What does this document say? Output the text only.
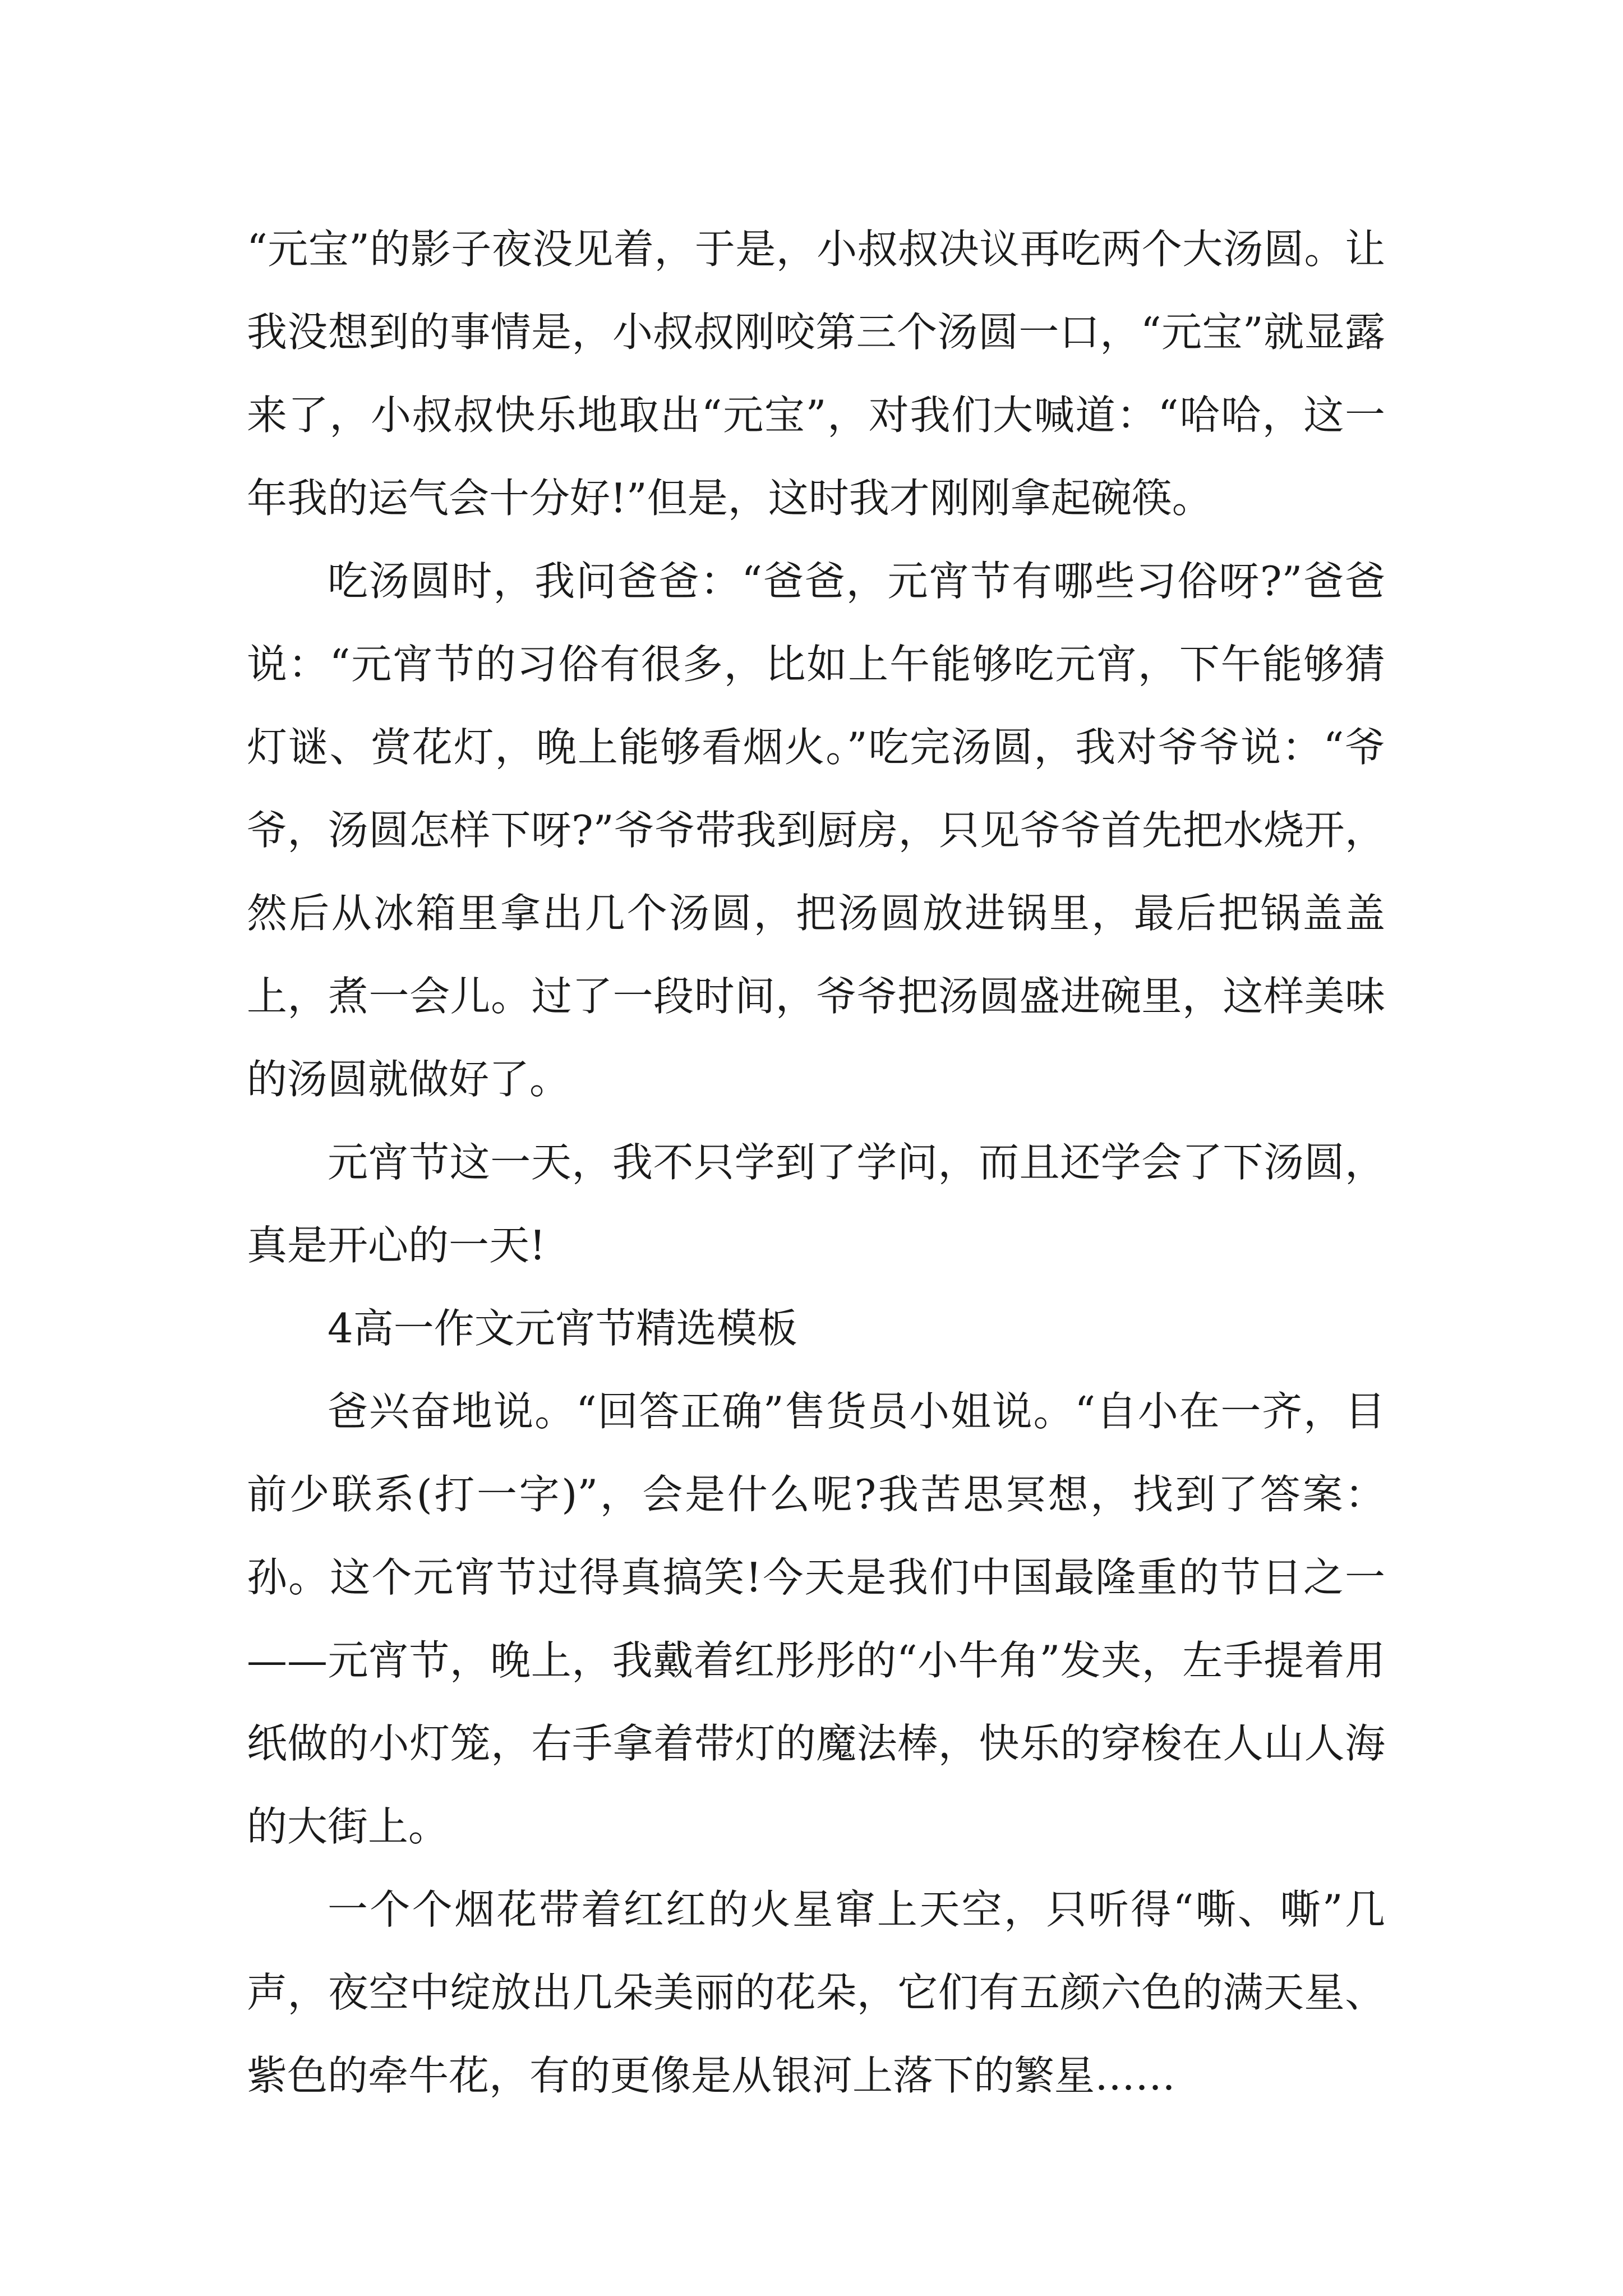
“元宝”的影子夜没见着，于是，小叔叔决议再吃两个大汤圆。让我没想到的事情是，小叔叔刚咬第三个汤圆一口，“元宝”就显露来了，小叔叔快乐地取出“元宝”，对我们大喊道：“哈哈，这一年我的运气会十分好!”但是，这时我才刚刚拿起碗筷。

吃汤圆时，我问爸爸：“爸爸，元宵节有哪些习俗呀?”爸爸说：“元宵节的习俗有很多，比如上午能够吃元宵，下午能够猜灯谜、赏花灯，晚上能够看烟火。”吃完汤圆，我对爷爷说：“爷爷，汤圆怎样下呀?”爷爷带我到厨房，只见爷爷首先把水烧开，然后从冰箱里拿出几个汤圆，把汤圆放进锅里，最后把锅盖盖上，煮一会儿。过了一段时间，爷爷把汤圆盛进碗里，这样美味的汤圆就做好了。

元宵节这一天，我不只学到了学问，而且还学会了下汤圆，真是开心的一天!

4高一作文元宵节精选模板

爸兴奋地说。“回答正确”售货员小姐说。“自小在一齐，目前少联系(打一字)”，会是什么呢?我苦思冥想，找到了答案：孙。这个元宵节过得真搞笑!今天是我们中国最隆重的节日之一——元宵节，晚上，我戴着红彤彤的“小牛角”发夹，左手提着用纸做的小灯笼，右手拿着带灯的魔法棒，快乐的穿梭在人山人海的大街上。

一个个烟花带着红红的火星窜上天空，只听得“嘶、嘶”几声，夜空中绽放出几朵美丽的花朵，它们有五颜六色的满天星、紫色的牵牛花，有的更像是从银河上落下的繁星……
